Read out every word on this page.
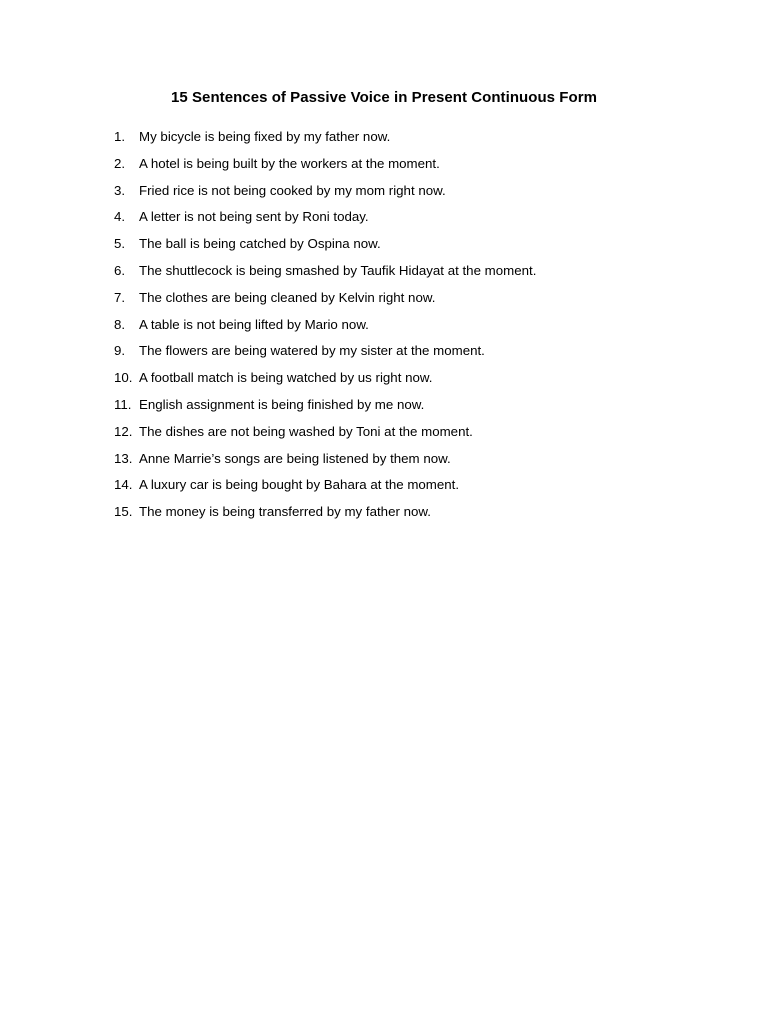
15 Sentences of Passive Voice in Present Continuous Form
1.	My bicycle is being fixed by my father now.
2.	A hotel is being built by the workers at the moment.
3.	Fried rice is not being cooked by my mom right now.
4.	A letter is not being sent by Roni today.
5.	The ball is being catched by Ospina now.
6.	The shuttlecock is being smashed by Taufik Hidayat at the moment.
7.	The clothes are being cleaned by Kelvin right now.
8.	A table is not being lifted by Mario now.
9.	The flowers are being watered by my sister at the moment.
10. A football match is being watched by us right now.
11. English assignment is being finished by me now.
12. The dishes are not being washed by Toni at the moment.
13. Anne Marrie’s songs are being listened by them now.
14. A luxury car is being bought by Bahara at the moment.
15. The money is being transferred by my father now.
